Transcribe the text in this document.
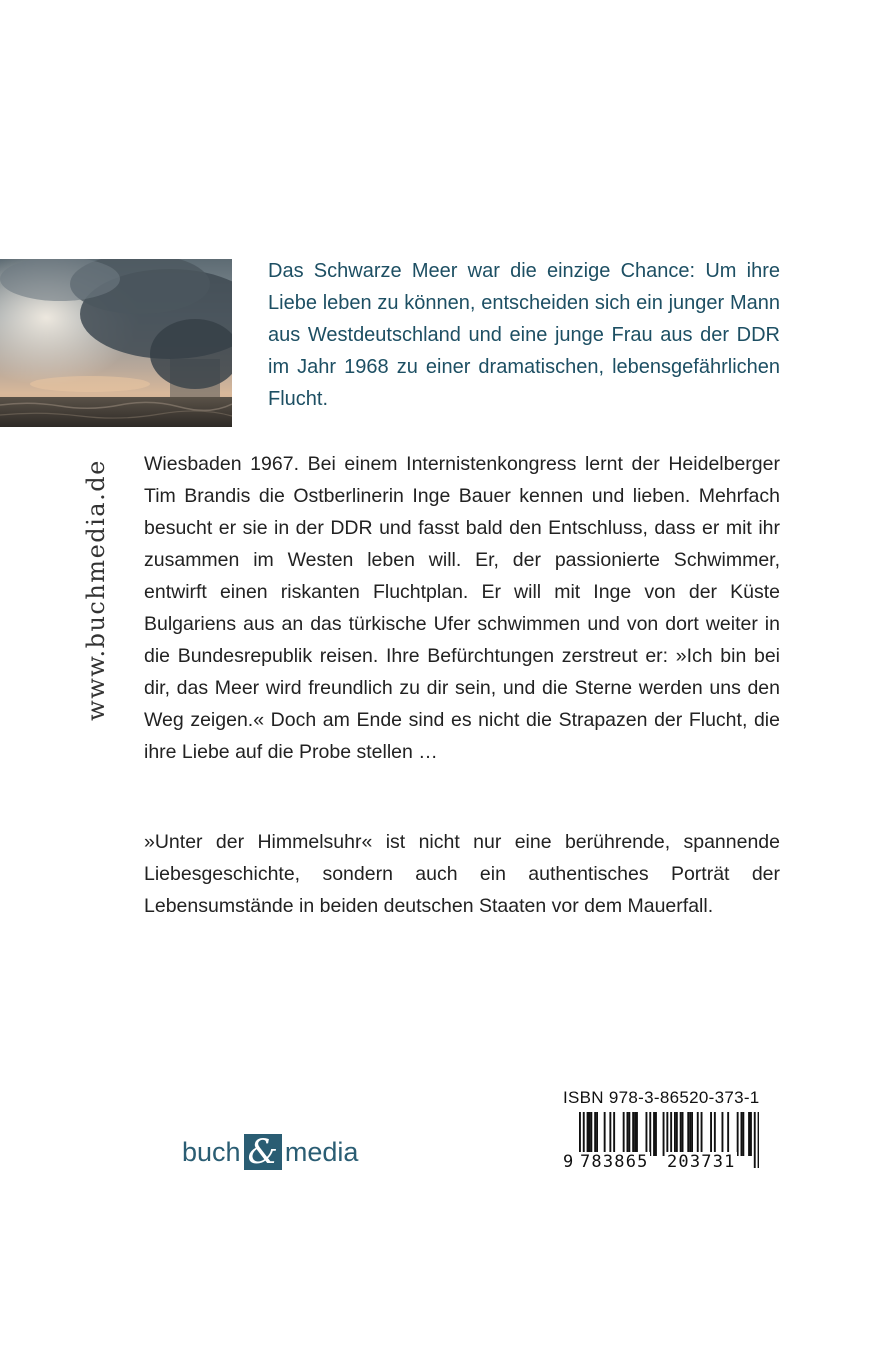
Das Schwarze Meer war die einzige Chance: Um ihre Liebe leben zu können, entscheiden sich ein junger Mann aus Westdeutschland und eine junge Frau aus der DDR im Jahr 1968 zu einer dramatischen, lebensgefährlichen Flucht.

www.buchmedia.de Wiesbaden 1967. Bei einem Internistenkongress lernt der Heidelberger Tim Brandis die Ostberlinerin Inge Bauer kennen und lieben. Mehrfach besucht er sie in der DDR und fasst bald den Entschluss, dass er mit ihr zusammen im Westen leben will. Er, der passionierte Schwimmer, entwirft einen riskanten Fluchtplan. Er will mit Inge von der Küste Bulgariens aus an das türkische Ufer schwimmen und von dort weiter in die Bundesrepublik reisen. Ihre Befürchtungen zerstreut er: »Ich bin bei dir, das Meer wird freundlich zu dir sein, und die Sterne werden uns den Weg zeigen.« Doch am Ende sind es nicht die Strapazen der Flucht, die ihre Liebe auf die Probe stellen …

»Unter der Himmelsuhr« ist nicht nur eine berührende, spannende Liebesgeschichte, sondern auch ein authentisches Porträt der Lebensumstände in beiden deutschen Staaten vor dem Mauerfall.

buch & media
ISBN 978-3-86520-373-1
9 783865 203731
